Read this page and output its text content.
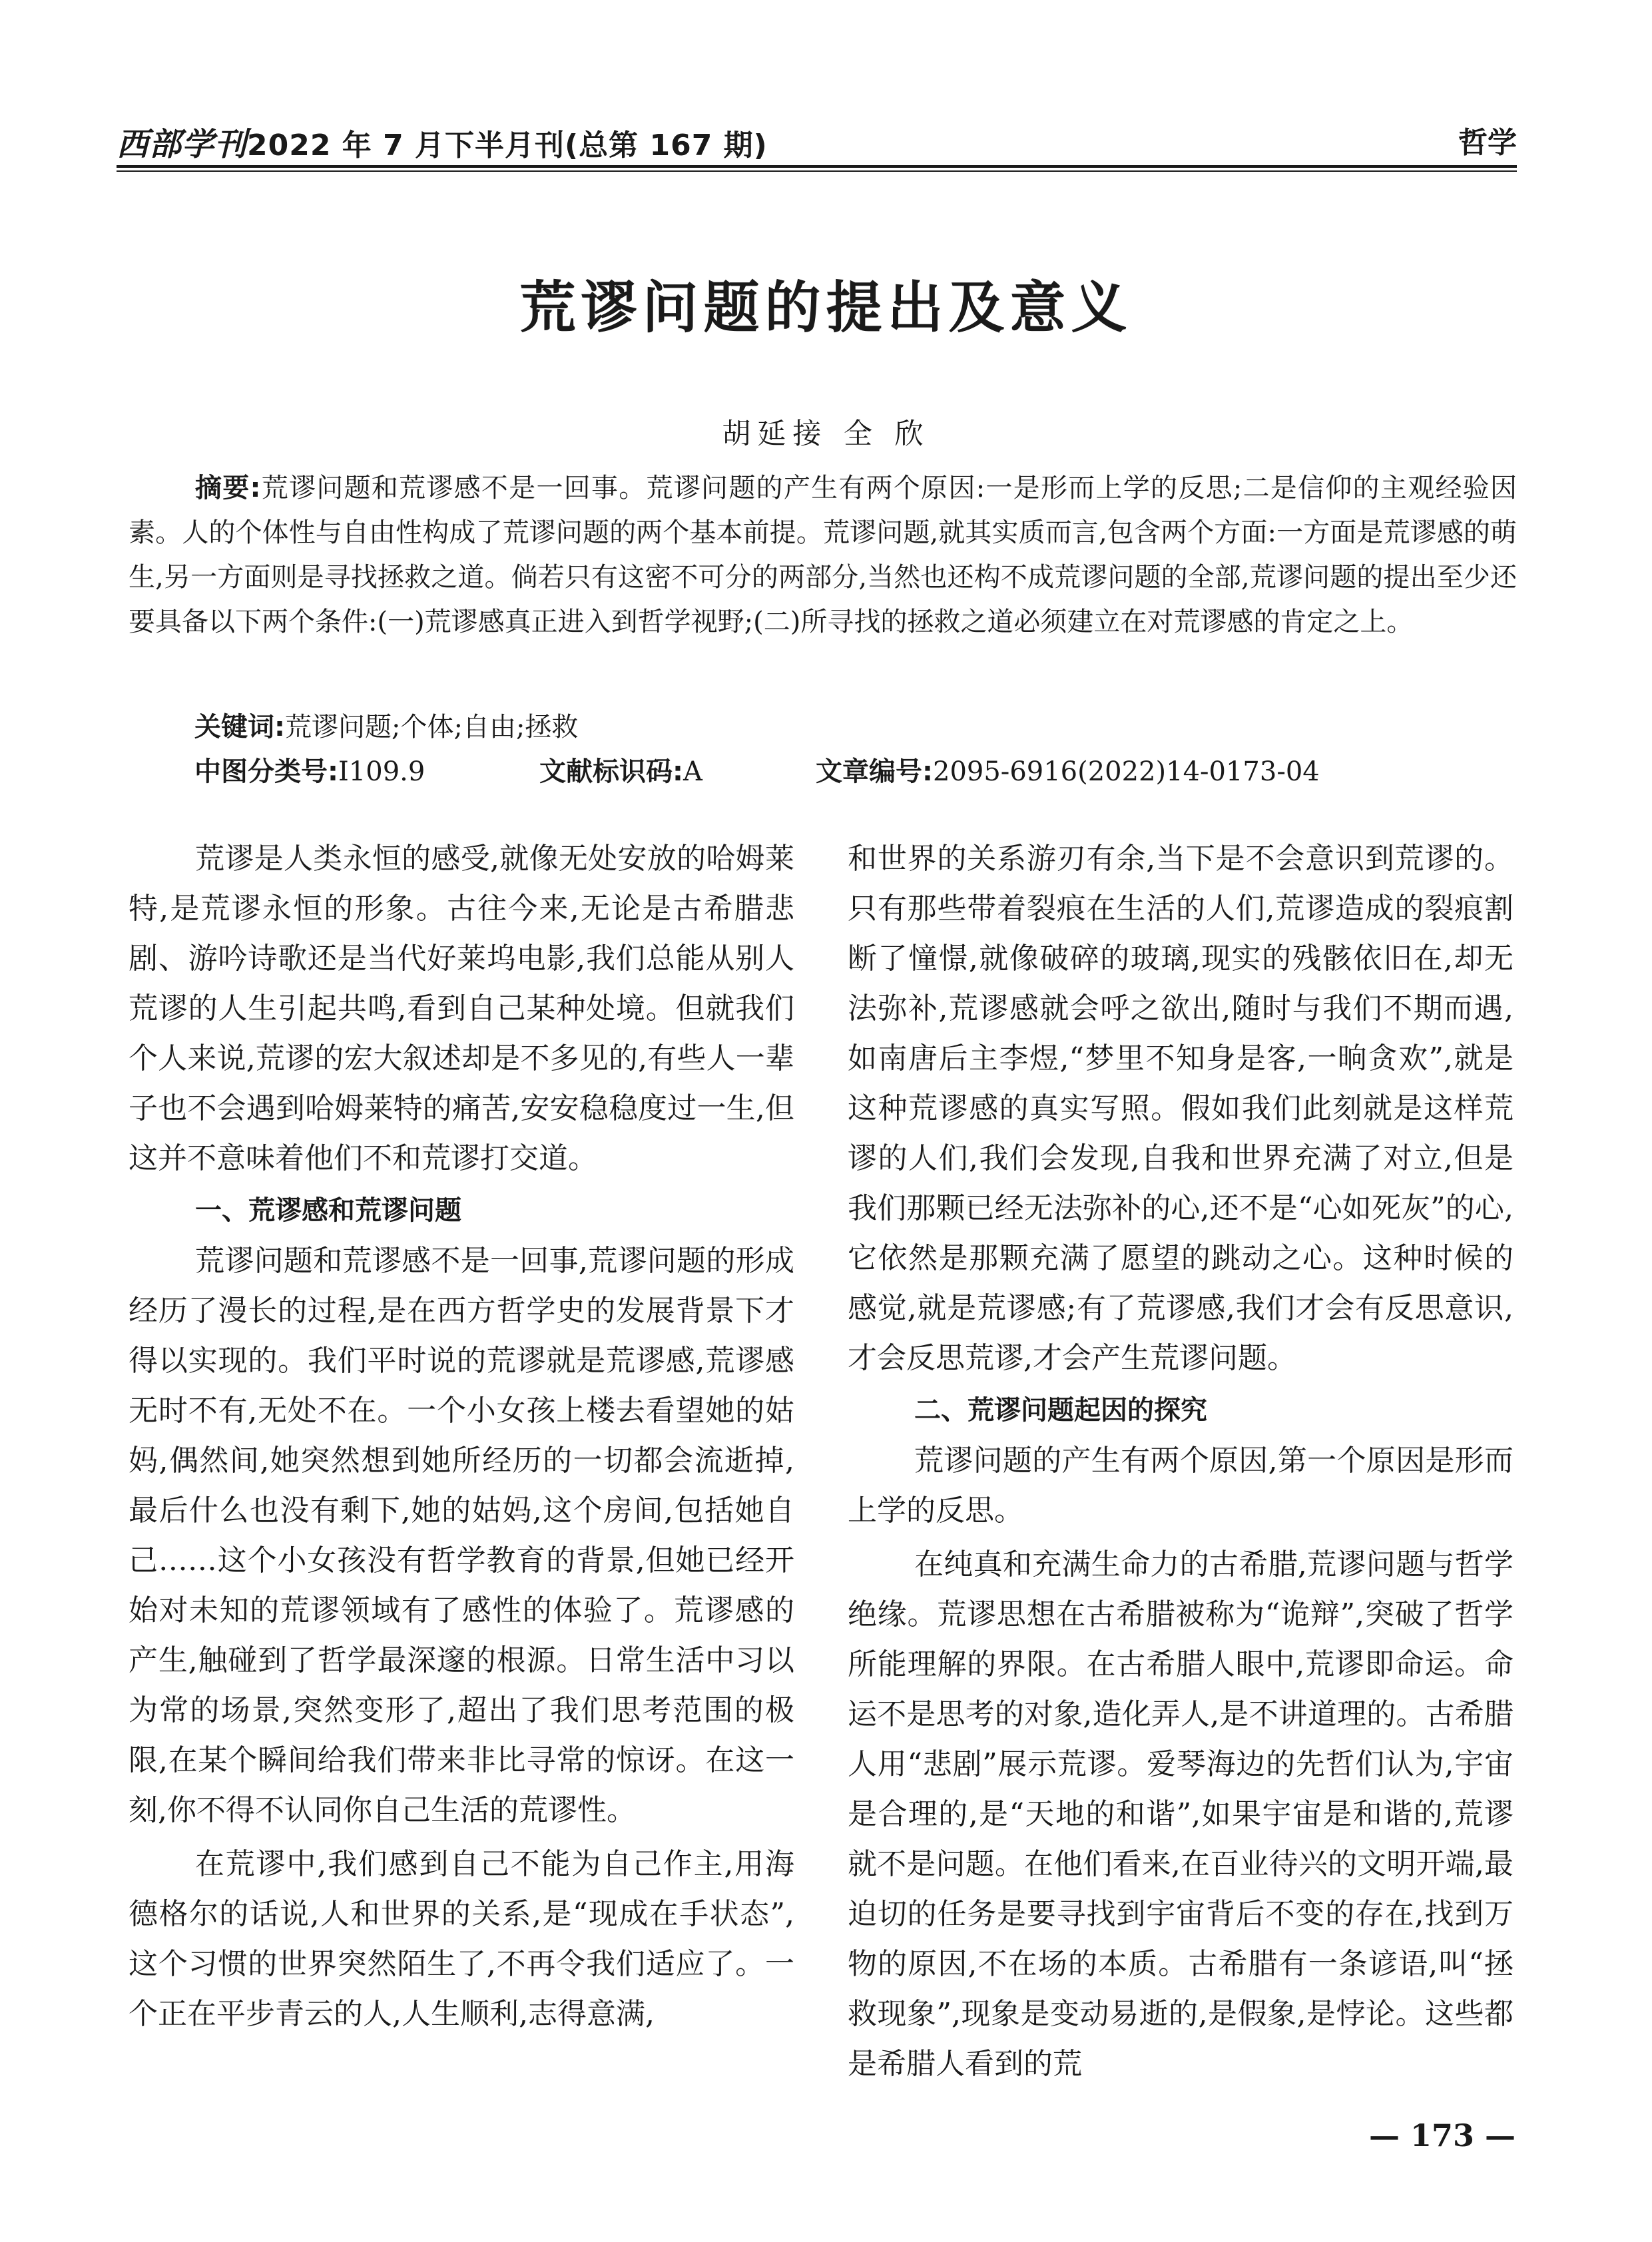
西部学刊2022 年 7 月下半月刊(总第 167 期)	哲学
荒谬问题的提出及意义
胡延接 全 欣

摘要:荒谬问题和荒谬感不是一回事。荒谬问题的产生有两个原因:一是形而上学的反思;二是信仰的主观经验因素。人的个体性与自由性构成了荒谬问题的两个基本前提。荒谬问题,就其实质而言,包含两个方面:一方面是荒谬感的萌生,另一方面则是寻找拯救之道。倘若只有这密不可分的两部分,当然也还构不成荒谬问题的全部,荒谬问题的提出至少还要具备以下两个条件:(一)荒谬感真正进入到哲学视野;(二)所寻找的拯救之道必须建立在对荒谬感的肯定之上。

关键词:荒谬问题;个体;自由;拯救
中图分类号:I109.9	文献标识码:A	文章编号:2095-6916(2022)14-0173-04

荒谬是人类永恒的感受,就像无处安放的哈姆莱特,是荒谬永恒的形象。古往今来,无论是古希腊悲剧、游吟诗歌还是当代好莱坞电影,我们总能从别人荒谬的人生引起共鸣,看到自己某种处境。但就我们个人来说,荒谬的宏大叙述却是不多见的,有些人一辈子也不会遇到哈姆莱特的痛苦,安安稳稳度过一生,但这并不意味着他们不和荒谬打交道。

一、荒谬感和荒谬问题

荒谬问题和荒谬感不是一回事,荒谬问题的形成经历了漫长的过程,是在西方哲学史的发展背景下才得以实现的。我们平时说的荒谬就是荒谬感,荒谬感无时不有,无处不在。一个小女孩上楼去看望她的姑妈,偶然间,她突然想到她所经历的一切都会流逝掉,最后什么也没有剩下,她的姑妈,这个房间,包括她自己……这个小女孩没有哲学教育的背景,但她已经开始对未知的荒谬领域有了感性的体验了。荒谬感的产生,触碰到了哲学最深邃的根源。日常生活中习以为常的场景,突然变形了,超出了我们思考范围的极限,在某个瞬间给我们带来非比寻常的惊讶。在这一刻,你不得不认同你自己生活的荒谬性。

在荒谬中,我们感到自己不能为自己作主,用海德格尔的话说,人和世界的关系,是“现成在手状态”,这个习惯的世界突然陌生了,不再令我们适应了。一个正在平步青云的人,人生顺利,志得意满,

和世界的关系游刃有余,当下是不会意识到荒谬的。只有那些带着裂痕在生活的人们,荒谬造成的裂痕割断了憧憬,就像破碎的玻璃,现实的残骸依旧在,却无法弥补,荒谬感就会呼之欲出,随时与我们不期而遇,如南唐后主李煜,“梦里不知身是客,一晌贪欢”,就是这种荒谬感的真实写照。假如我们此刻就是这样荒谬的人们,我们会发现,自我和世界充满了对立,但是我们那颗已经无法弥补的心,还不是“心如死灰”的心,它依然是那颗充满了愿望的跳动之心。这种时候的感觉,就是荒谬感;有了荒谬感,我们才会有反思意识,才会反思荒谬,才会产生荒谬问题。

二、荒谬问题起因的探究

荒谬问题的产生有两个原因,第一个原因是形而上学的反思。

在纯真和充满生命力的古希腊,荒谬问题与哲学绝缘。荒谬思想在古希腊被称为“诡辩”,突破了哲学所能理解的界限。在古希腊人眼中,荒谬即命运。命运不是思考的对象,造化弄人,是不讲道理的。古希腊人用“悲剧”展示荒谬。爱琴海边的先哲们认为,宇宙是合理的,是“天地的和谐”,如果宇宙是和谐的,荒谬就不是问题。在他们看来,在百业待兴的文明开端,最迫切的任务是要寻找到宇宙背后不变的存在,找到万物的原因,不在场的本质。古希腊有一条谚语,叫“拯救现象”,现象是变动易逝的,是假象,是悖论。这些都是希腊人看到的荒

— 173 —
